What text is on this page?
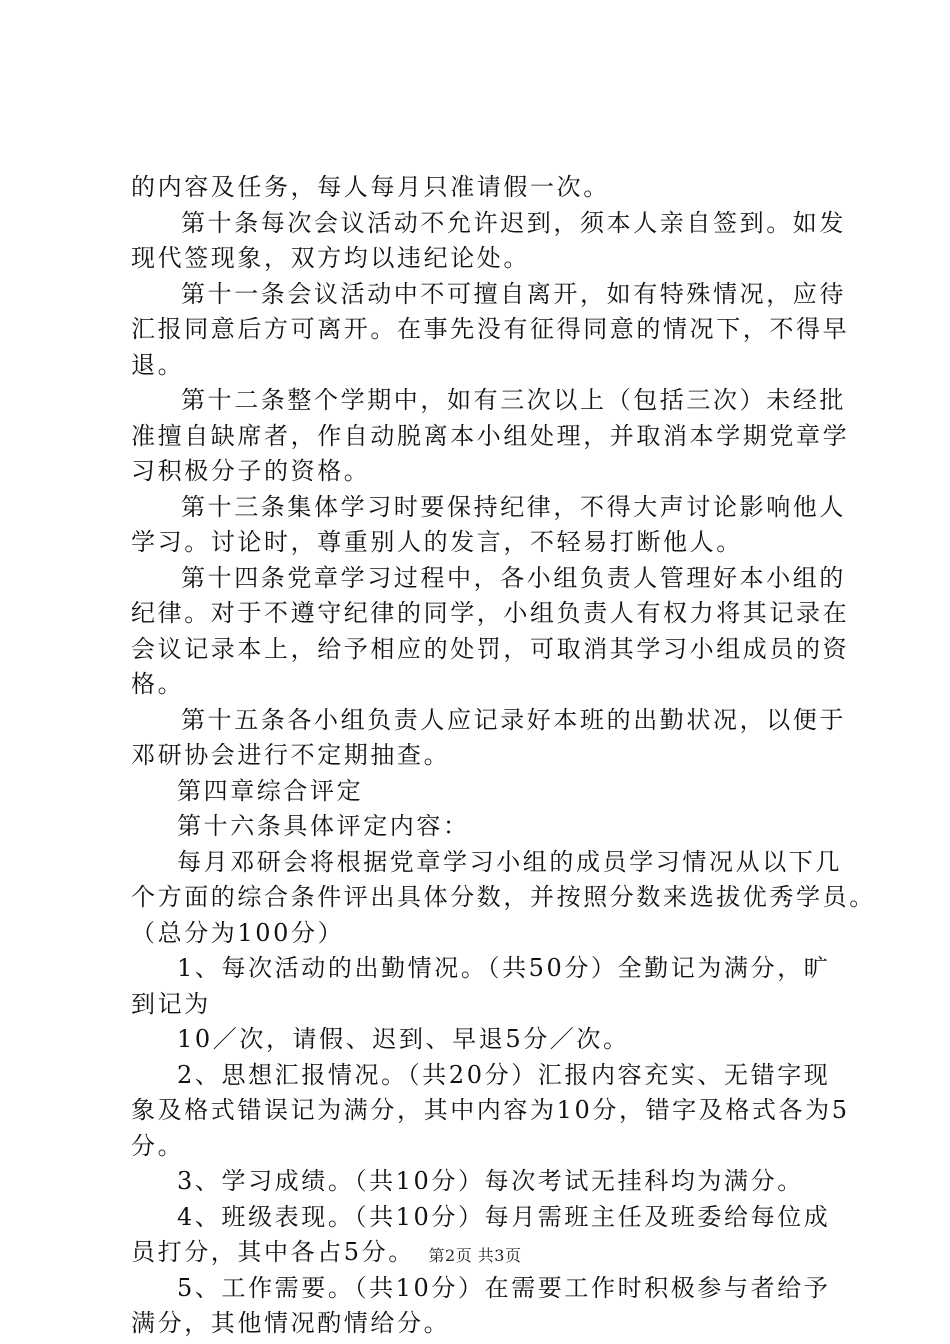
的内容及任务，每人每月只准请假一次。
第十条每次会议活动不允许迟到，须本人亲自签到。如发
现代签现象，双方均以违纪论处。
第十一条会议活动中不可擅自离开，如有特殊情况，应待
汇报同意后方可离开。在事先没有征得同意的情况下，不得早
退。
第十二条整个学期中，如有三次以上（包括三次）未经批
准擅自缺席者，作自动脱离本小组处理，并取消本学期党章学
习积极分子的资格。
第十三条集体学习时要保持纪律，不得大声讨论影响他人
学习。讨论时，尊重别人的发言，不轻易打断他人。
第十四条党章学习过程中，各小组负责人管理好本小组的
纪律。对于不遵守纪律的同学，小组负责人有权力将其记录在
会议记录本上，给予相应的处罚，可取消其学习小组成员的资
格。
第十五条各小组负责人应记录好本班的出勤状况，以便于
邓研协会进行不定期抽查。
第四章综合评定
第十六条具体评定内容：
每月邓研会将根据党章学习小组的成员学习情况从以下几
个方面的综合条件评出具体分数，并按照分数来选拔优秀学员。
（总分为100分）
1、每次活动的出勤情况。（共50分）全勤记为满分，旷
到记为
10／次，请假、迟到、早退5分／次。
2、思想汇报情况。（共20分）汇报内容充实、无错字现
象及格式错误记为满分，其中内容为10分，错字及格式各为5
分。
3、学习成绩。（共10分）每次考试无挂科均为满分。
4、班级表现。（共10分）每月需班主任及班委给每位成
员打分，其中各占5分。
5、工作需要。（共10分）在需要工作时积极参与者给予
满分，其他情况酌情给分。
第2页 共3页
